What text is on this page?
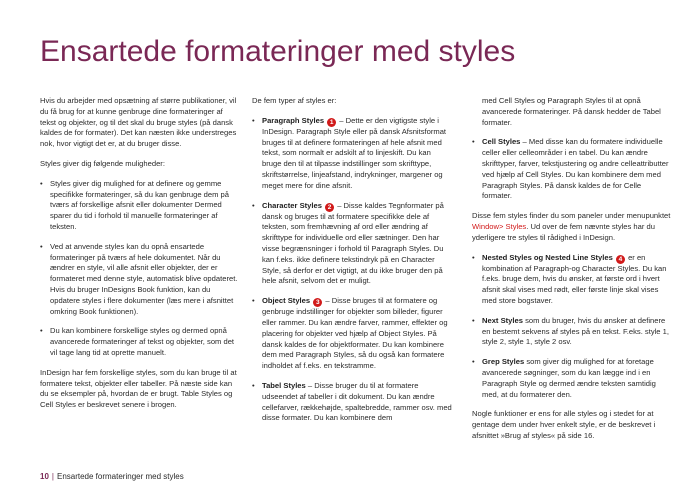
Ensartede formateringer med styles

Hvis du arbejder med opsætning af større publikationer, vil du få brug for at kunne genbruge dine formateringer af tekst og objekter, og til det skal du bruge styles (på dansk kaldes de for formater). Det kan næsten ikke understreges nok, hvor vigtigt det er, at du bruger disse.

Styles giver dig følgende muligheder:

• Styles giver dig mulighed for at definere og gemme specifikke formateringer, så du kan genbruge dem på tværs af forskellige afsnit eller dokumenter Dermed sparer du tid i forhold til manuelle formateringer af teksten.
• Ved at anvende styles kan du opnå ensartede formateringer på tværs af hele dokumentet. Når du ændrer en style, vil alle afsnit eller objekter, der er formateret med denne style, automatisk blive opdateret. Hvis du bruger InDesigns Book funktion, kan du opdatere styles i flere dokumenter (læs mere i afsnittet omkring Book funktionen).
• Du kan kombinere forskellige styles og dermed opnå avancerede formateringer af tekst og objekter, som det vil tage lang tid at oprette manuelt.

InDesign har fem forskellige styles, som du kan bruge til at formatere tekst, objekter eller tabeller. På næste side kan du se eksempler på, hvordan de er brugt. Table Styles og Cell Styles er beskrevet senere i brogen.

De fem typer af styles er:

• Paragraph Styles 1 – Dette er den vigtigste style i InDesign. Paragraph Style eller på dansk Afsnitsformat bruges til at definere formateringen af hele afsnit med tekst, som normalt er adskilt af to linjeskift. Du kan bruge den til at tilpasse indstillinger som skrifttype, skriftstørrelse, linjeafstand, indrykninger, margener og meget mere for dine afsnit.
• Character Styles 2 – Disse kaldes Tegnformater på dansk og bruges til at formatere specifikke dele af teksten, som fremhævning af ord eller ændring af skrifttype for individuelle ord eller sætninger. Den har visse begrænsninger i forhold til Paragraph Styles. Du kan f.eks. ikke definere tekstindryk på en Character Style, så derfor er det vigtigt, at du ikke bruger den på hele afsnit, selvom det er muligt.
• Object Styles 3 – Disse bruges til at formatere og genbruge indstillinger for objekter som billeder, figurer eller rammer. Du kan ændre farver, rammer, effekter og placering for objekter ved hjælp af Object Styles. På dansk kaldes de for objektformater. Du kan kombinere dem med Paragraph Styles, så du også kan formatere indholdet af f.eks. en tekstramme.
• Tabel Styles – Disse bruger du til at formatere udseendet af tabeller i dit dokument. Du kan ændre cellefarver, rækkehøjde, spaltebredde, rammer osv. med disse formater. Du kan kombinere dem
med Cell Styles og Paragraph Styles til at opnå avancerede formateringer. På dansk hedder de Tabel formater.
• Cell Styles – Med disse kan du formatere individuelle celler eller celleområder i en tabel. Du kan ændre skrifttyper, farver, tekstjustering og andre celleattributter ved hjælp af Cell Styles. Du kan kombinere dem med Paragraph Styles. På dansk kaldes de for Celle formater.

Disse fem styles finder du som paneler under menupunktet Window> Styles. Ud over de fem nævnte styles har du yderligere tre styles til rådighed i InDesign.

• Nested Styles og Nested Line Styles 4 er en kombination af Paragraph-og Character Styles. Du kan f.eks. bruge dem, hvis du ønsker, at første ord i hvert afsnit skal vises med rødt, eller første linje skal vises med store bogstaver.
• Next Styles som du bruger, hvis du ønsker at definere en bestemt sekvens af styles på en tekst. F.eks. style 1, style 2, style 1, style 2 osv.
• Grep Styles som giver dig mulighed for at foretage avancerede søgninger, som du kan lægge ind i en Paragraph Style og dermed ændre teksten samtidig med, at du formaterer den.

Nogle funktioner er ens for alle styles og i stedet for at gentage dem under hver enkelt style, er de beskrevet i afsnittet »Brug af styles« på side 16.

10 | Ensartede formateringer med styles
